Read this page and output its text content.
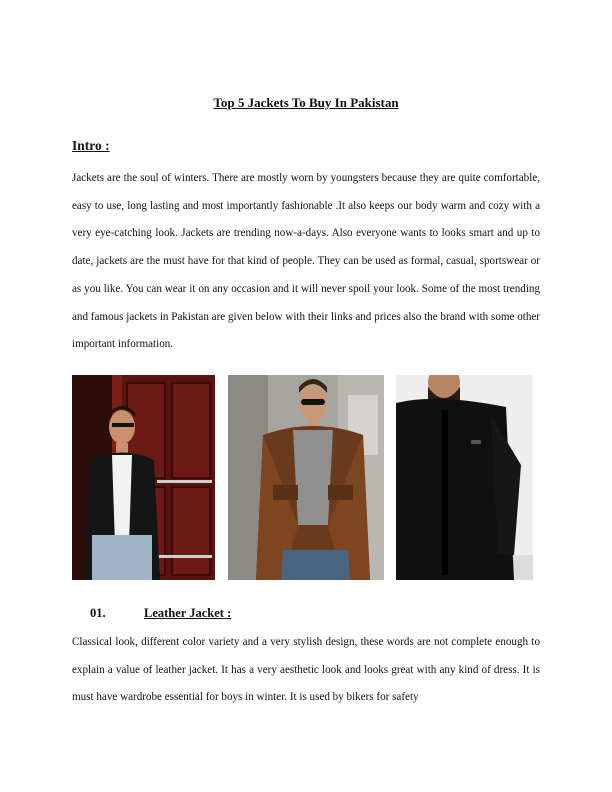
Top 5 Jackets To Buy In Pakistan
Intro :

Jackets are the soul of winters. There are mostly worn by youngsters because they are quite comfortable, easy to use, long lasting and most importantly fashionable .It also keeps our body warm and cozy with a very eye-catching look. Jackets are trending now-a-days. Also everyone wants to looks smart and up to date, jackets are the must have for that kind of people. They can be used as formal, casual, sportswear or as you like. You can wear it on any occasion and it will never spoil your look. Some of the most trending and famous jackets in Pakistan are given below with their links and prices also the brand with some other important information.

01.	Leather Jacket :

Classical look, different color variety and a very stylish design, these words are not complete enough to explain a value of leather jacket. It has a very aesthetic look and looks great with any kind of dress. It is must have wardrobe essential for boys in winter. It is used by bikers for safety
